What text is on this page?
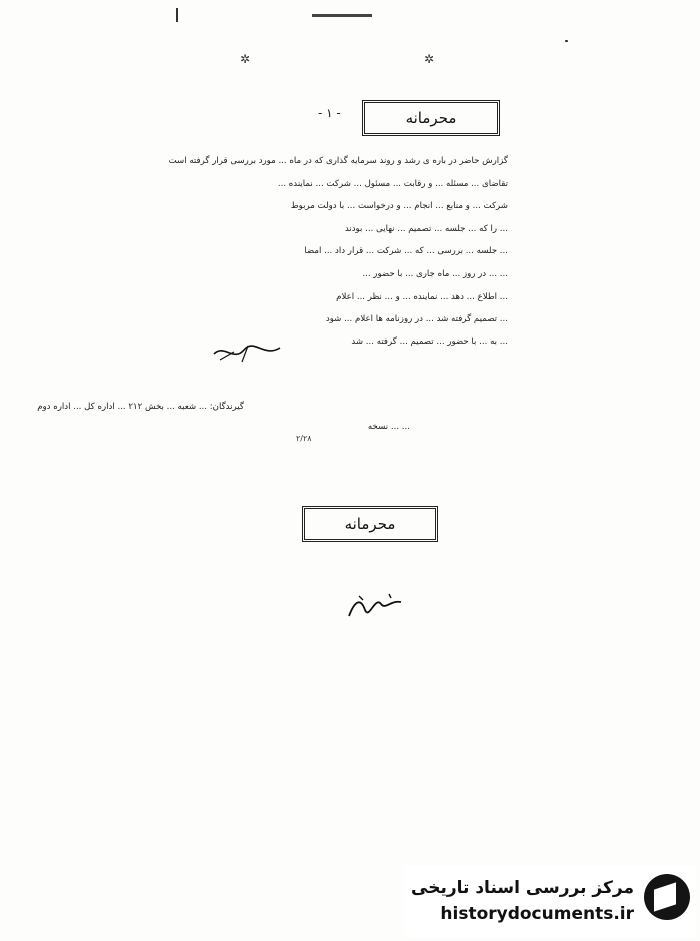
✲	✲
- ۱ -	محرمانه

گزارش حاضر در باره ی رشد و روند سرمایه گذاری که در ماه ... مورد بررسی قرار گرفته است

تقاضای ... مسئله ... و رقابت ... مسئول ... شرکت ... نماینده ...

شرکت ... و منابع ... انجام ... و درخواست ... با دولت مربوط

... را که ... جلسه ... تصمیم ... نهایی ... بودند

... جلسه ... بررسی ... که ... شرکت ... قرار داد ... امضا

... ... در روز ... ماه جاری ... با حضور ...

... اطلاع ... دهد ... نماینده ... و ... نظر ... اعلام

... تصمیم گرفته شد ... در روزنامه ها اعلام ... شود

... به ... با حضور ... تصمیم ... گرفته ... شد

گیرندگان: ... شعبه ... بخش ۲۱۲ ... اداره کل ... اداره دوم
... ... نسخه
۲/۲۸
محرمانه
مرکز بررسی اسناد تاریخی
historydocuments.ir
